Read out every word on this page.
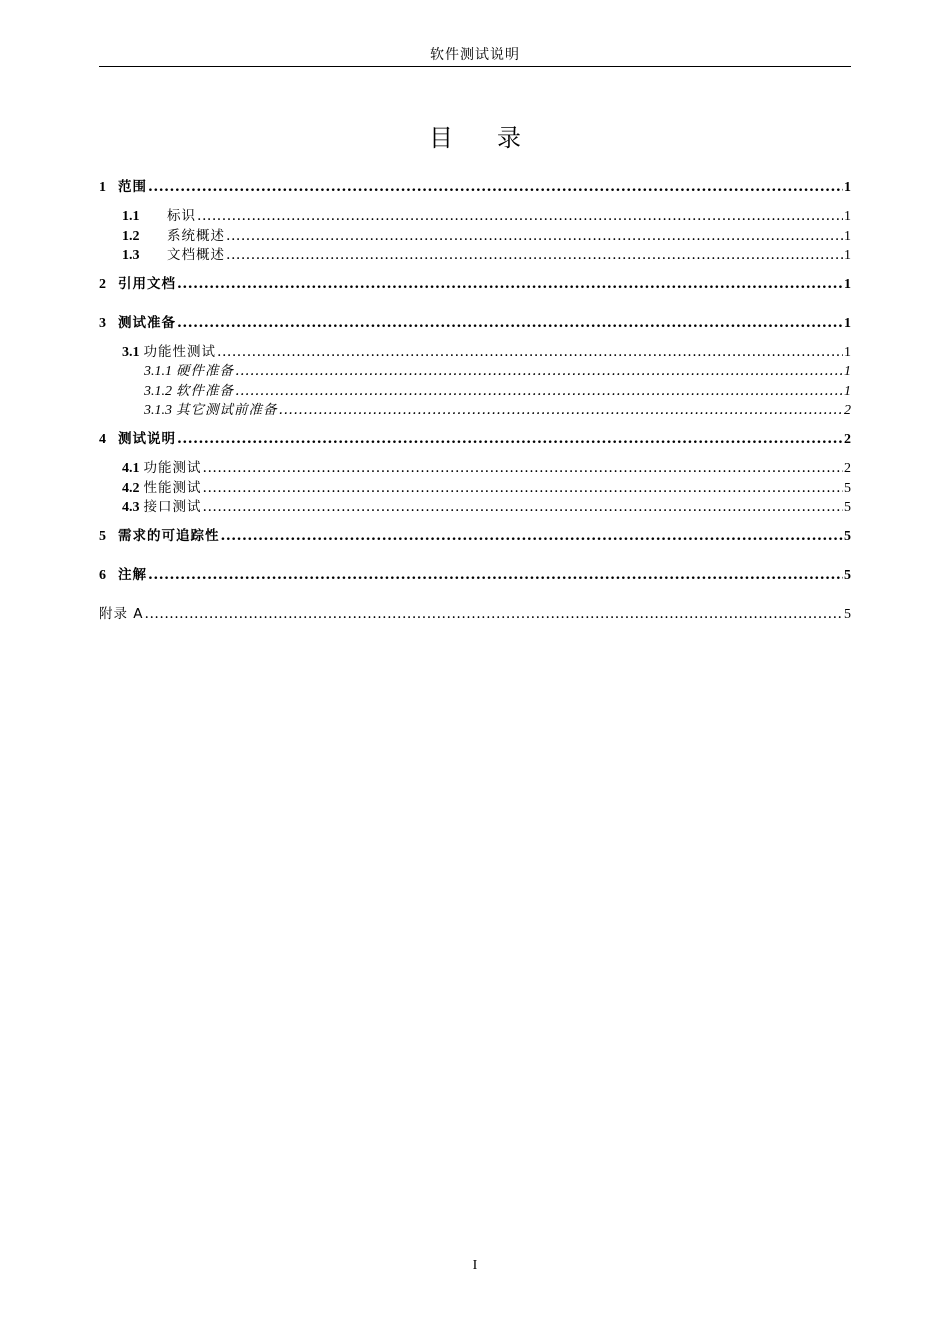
软件测试说明
目 录
1 范围 .....	1
1.1	标识 .....	1
1.2	系统概述 .....	1
1.3	文档概述 .....	1
2 引用文档 .....	1
3 测试准备 .....	1
3.1 功能性测试 .....	1
3.1.1 硬件准备 .....	1
3.1.2 软件准备 .....	1
3.1.3 其它测试前准备 .....	2
4 测试说明 .....	2
4.1 功能测试 .....	2
4.2 性能测试 .....	5
4.3 接口测试 .....	5
5 需求的可追踪性 .....	5
6 注解 .....	5
附录 A .....	5
I
